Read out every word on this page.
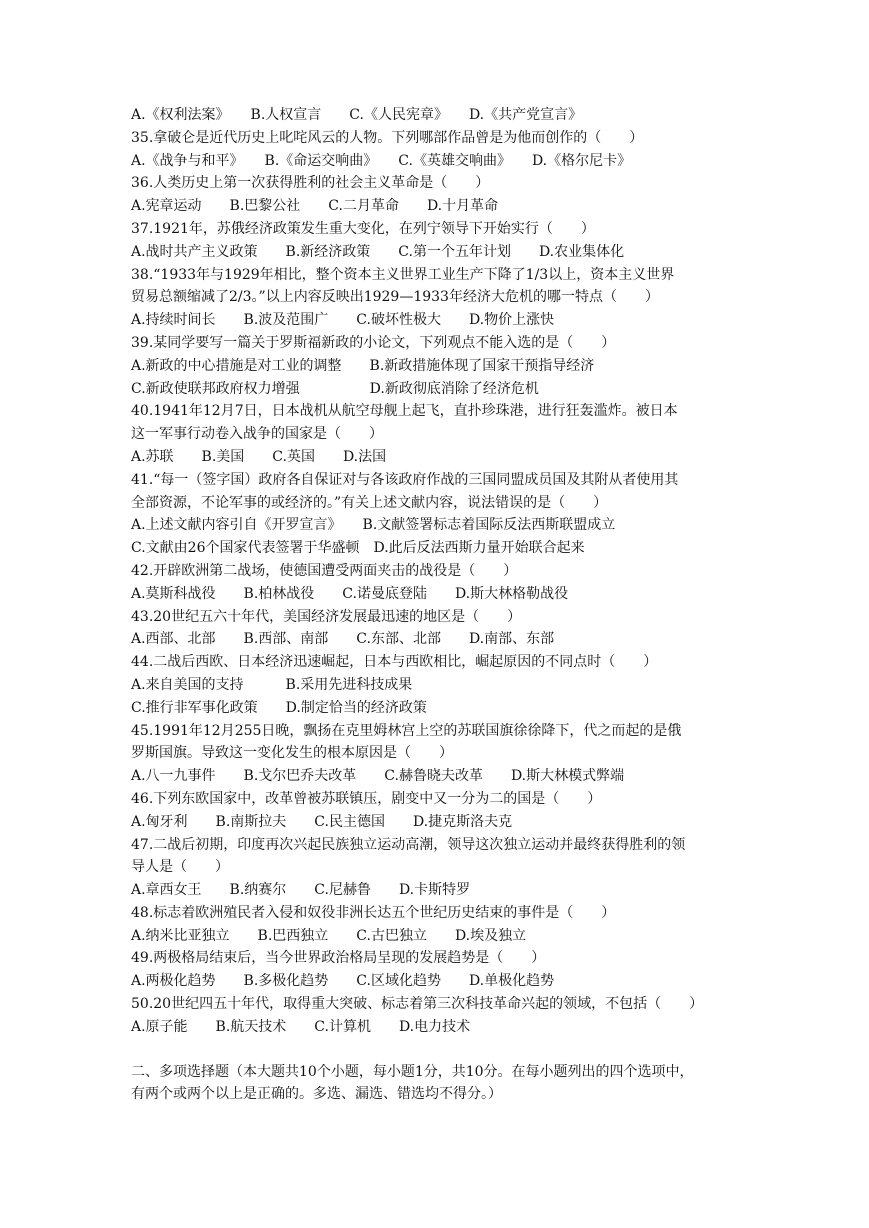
A.《权利法案》　　B.人权宣言　　C.《人民宪章》　　D.《共产党宣言》
35.拿破仑是近代历史上叱咤风云的人物。下列哪部作品曾是为他而创作的（　　）
A.《战争与和平》　　B.《命运交响曲》　　C.《英雄交响曲》　　D.《格尔尼卡》
36.人类历史上第一次获得胜利的社会主义革命是（　　）
A.宪章运动　　B.巴黎公社　　C.二月革命　　D.十月革命
37.1921年，苏俄经济政策发生重大变化，在列宁领导下开始实行（　　）
A.战时共产主义政策　　B.新经济政策　　C.第一个五年计划　　D.农业集体化
38.“1933年与1929年相比，整个资本主义世界工业生产下降了1/3以上，资本主义世界
贸易总额缩减了2/3。”以上内容反映出1929—1933年经济大危机的哪一特点（　　）
A.持续时间长　　B.波及范围广　　C.破坏性极大　　D.物价上涨快
39.某同学要写一篇关于罗斯福新政的小论文，下列观点不能入选的是（　　）
A.新政的中心措施是对工业的调整　　B.新政措施体现了国家干预指导经济
C.新政使联邦政府权力增强　　　　　D.新政彻底消除了经济危机
40.1941年12月7日，日本战机从航空母舰上起飞，直扑珍珠港，进行狂轰滥炸。被日本
这一军事行动卷入战争的国家是（　　）
A.苏联　　B.美国　　C.英国　　D.法国
41.“每一（签字国）政府各自保证对与各该政府作战的三国同盟成员国及其附从者使用其
全部资源，不论军事的或经济的。”有关上述文献内容，说法错误的是（　　）
A.上述文献内容引自《开罗宣言》　　B.文献签署标志着国际反法西斯联盟成立
C.文献由26个国家代表签署于华盛顿　D.此后反法西斯力量开始联合起来
42.开辟欧洲第二战场，使德国遭受两面夹击的战役是（　　）
A.莫斯科战役　　B.柏林战役　　C.诺曼底登陆　　D.斯大林格勒战役
43.20世纪五六十年代，美国经济发展最迅速的地区是（　　）
A.西部、北部　　B.西部、南部　　C.东部、北部　　D.南部、东部
44.二战后西欧、日本经济迅速崛起，日本与西欧相比，崛起原因的不同点时（　　）
A.来自美国的支持　　　B.采用先进科技成果
C.推行非军事化政策　　D.制定恰当的经济政策
45.1991年12月255日晚，飘扬在克里姆林宫上空的苏联国旗徐徐降下，代之而起的是俄
罗斯国旗。导致这一变化发生的根本原因是（　　）
A.八一九事件　　B.戈尔巴乔夫改革　　C.赫鲁晓夫改革　　D.斯大林模式弊端
46.下列东欧国家中，改革曾被苏联镇压，剧变中又一分为二的国是（　　）
A.匈牙利　　B.南斯拉夫　　C.民主德国　　D.捷克斯洛夫克
47.二战后初期，印度再次兴起民族独立运动高潮，领导这次独立运动并最终获得胜利的领
导人是（　　）
A.章西女王　　B.纳赛尔　　C.尼赫鲁　　D.卡斯特罗
48.标志着欧洲殖民者入侵和奴役非洲长达五个世纪历史结束的事件是（　　）
A.纳米比亚独立　　B.巴西独立　　C.古巴独立　　D.埃及独立
49.两极格局结束后，当今世界政治格局呈现的发展趋势是（　　）
A.两极化趋势　　B.多极化趋势　　C.区域化趋势　　D.单极化趋势
50.20世纪四五十年代，取得重大突破、标志着第三次科技革命兴起的领域，不包括（　　）
A.原子能　　B.航天技术　　C.计算机　　D.电力技术
二、多项选择题（本大题共10个小题，每小题1分，共10分。在每小题列出的四个选项中，
有两个或两个以上是正确的。多选、漏选、错选均不得分。）
